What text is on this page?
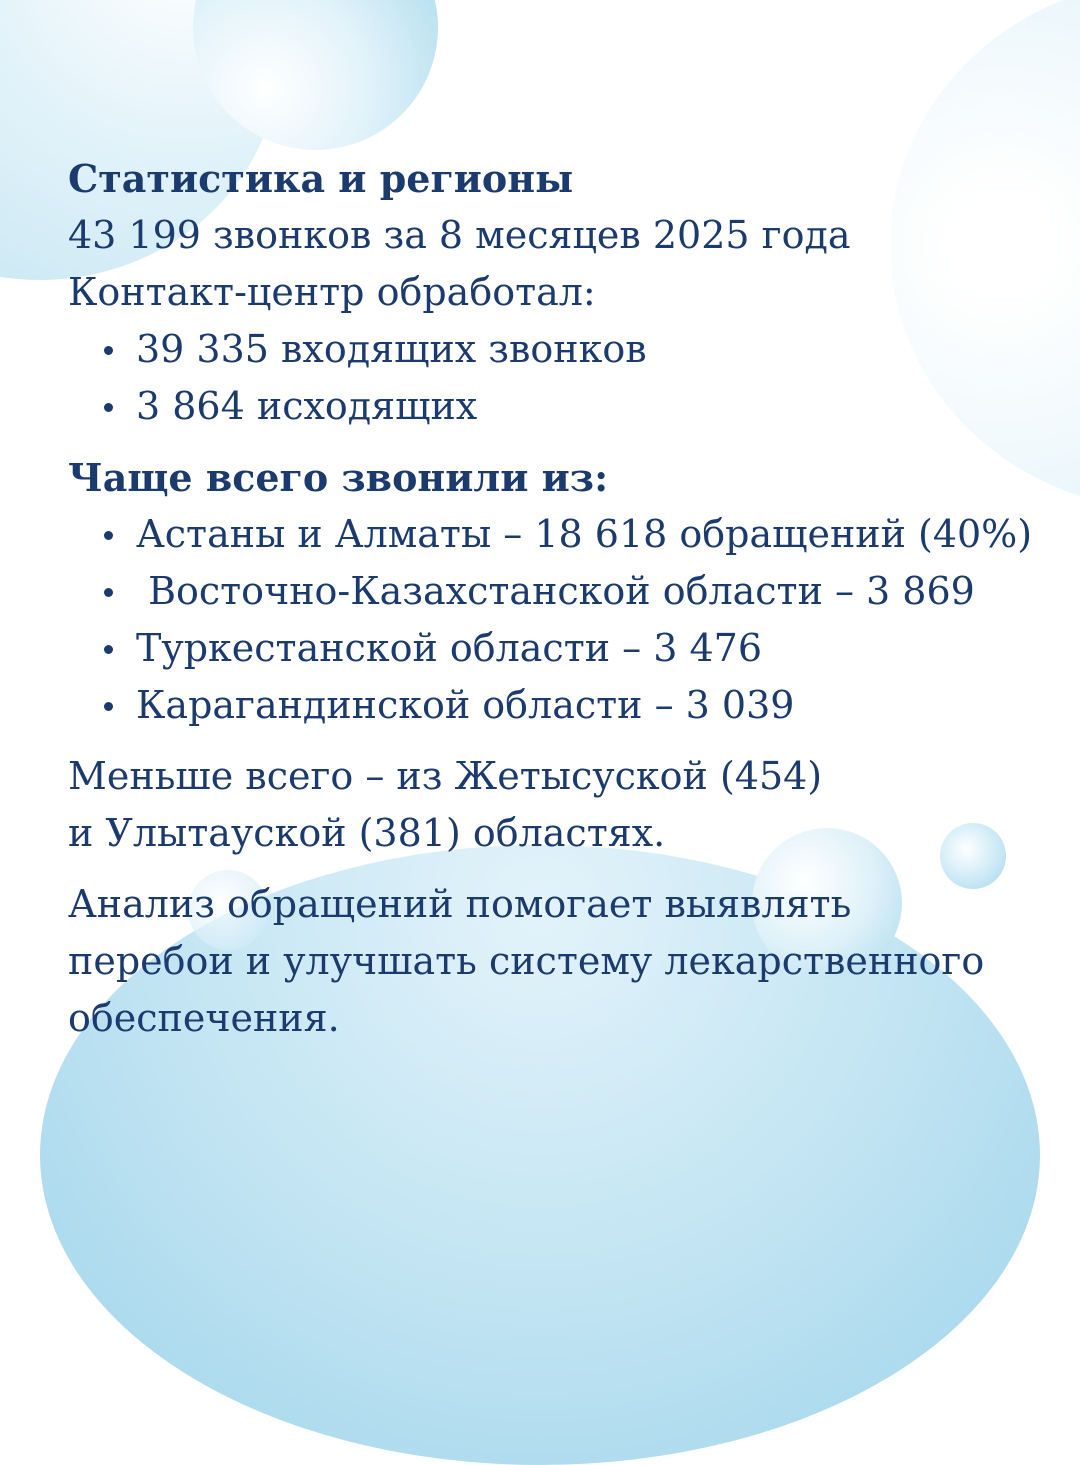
Статистика и регионы
43 199 звонков за 8 месяцев 2025 года
Контакт-центр обработал:
39 335 входящих звонков
3 864 исходящих
Чаще всего звонили из:
Астаны и Алматы – 18 618 обращений (40%)
Восточно-Казахстанской области – 3 869
Туркестанской области – 3 476
Карагандинской области – 3 039
Меньше всего – из Жетысуской (454)
и Улытауской (381) областях.
Анализ обращений помогает выявлять
перебои и улучшать систему лекарственного
обеспечения.
